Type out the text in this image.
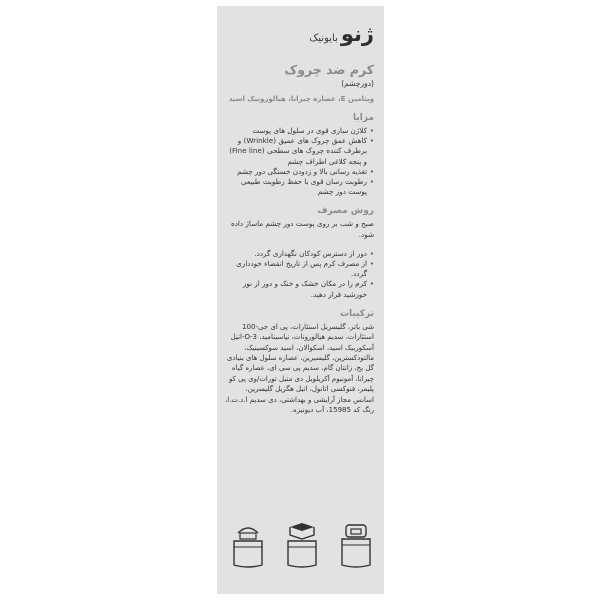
ژنو
بایونیک
کرم ضد چروک
(دورچشم)
ویتامین E، عصاره چیرانا، هیالورونیک اسید
مزایا
• کلاژن سازی قوی در سلول های پوست
• کاهش عمق چروک های عمیق (Wrinkle) و برطرف کننده چروک های سطحی (Fine line) و پنجه کلاغی اطراف چشم
• تغذیه رسانی بالا و زدودن خستگی دور چشم
• رطوبت رسان قوی با حفظ رطوبت طبیعی پوست دور چشم
روش مصرف
صبح و شب بر روی پوست دور چشم ماساژ داده شود.
• دور از دسترس کودکان نگهداری گردد.
• از مصرف کرم پس از تاریخ انقضاء خودداری گردد.
• کرم را در مکان خشک و خنک و دور از نور خورشید قرار دهید.
ترکیبات
شی باتر، گلیسریل استئارات، پی ای جی-100 استئارات، سدیم هیالورونات، نیاسینامید، 3-O-اتیل آسکوربیک اسید، اسکوالان، اسید سوکسینیک، مالتودکسترین، گلیسیرین، عصاره سلول های بنیادی گل یخ، زانتان گام، سدیم پی سی ای، عصاره گیاه چیرانا، آمونیوم آکریلویل دی متیل تورات/وی پی کو پلیمر، فنوکسی اتانول، اتیل هگزیل گلیسرین، اسانس مجاز آرایشی و بهداشتی، دی سدیم ا.د.ت.ا، رنگ کد 15985، آب دیونیزه.
